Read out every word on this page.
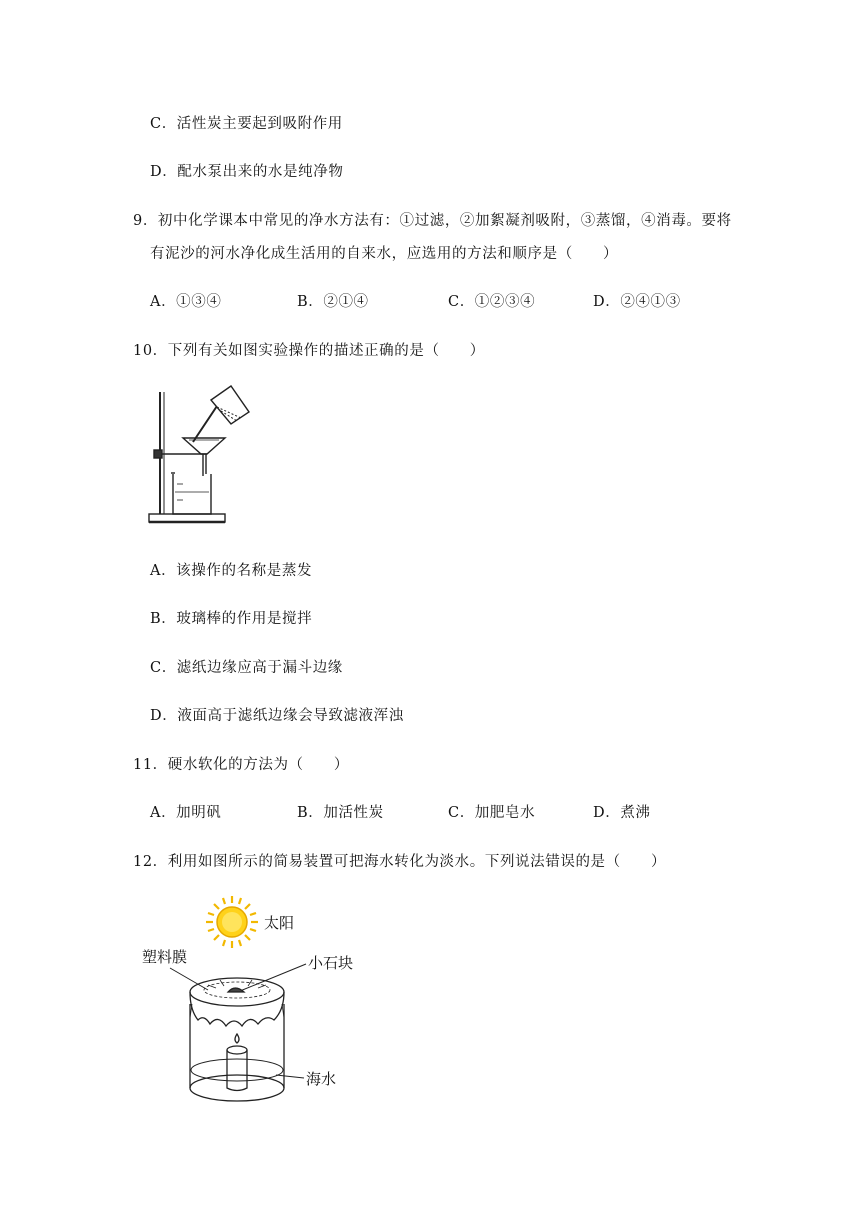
C．活性炭主要起到吸附作用
D．配水泵出来的水是纯净物
9．初中化学课本中常见的净水方法有：①过滤，②加絮凝剂吸附，③蒸馏，④消毒。要将
有泥沙的河水净化成生活用的自来水，应选用的方法和顺序是（　　）
A．①③④	B．②①④	C．①②③④	D．②④①③
10．下列有关如图实验操作的描述正确的是（　　）
A．该操作的名称是蒸发
B．玻璃棒的作用是搅拌
C．滤纸边缘应高于漏斗边缘
D．液面高于滤纸边缘会导致滤液浑浊
11．硬水软化的方法为（　　）
A．加明矾	B．加活性炭	C．加肥皂水	D．煮沸
12．利用如图所示的简易装置可把海水转化为淡水。下列说法错误的是（　　）
太阳
塑料膜	小石块
海水
